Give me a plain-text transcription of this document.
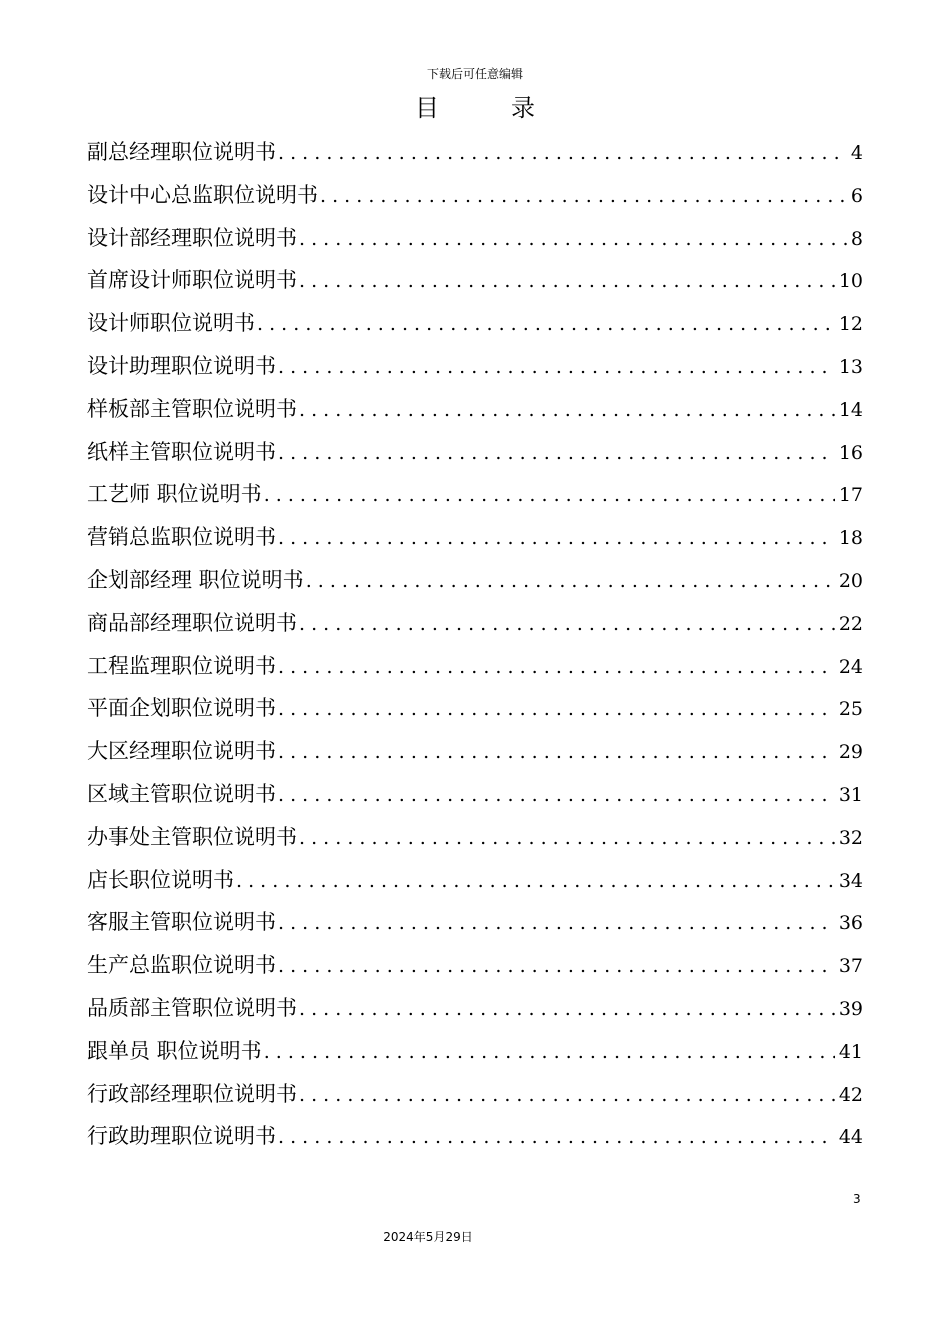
下载后可任意编辑
目录
副总经理职位说明书 . . .	4
设计中心总监职位说明书 . . .	6
设计部经理职位说明书 . . .	8
首席设计师职位说明书 . . .	10
设计师职位说明书 . . .	12
设计助理职位说明书 . . .	13
样板部主管职位说明书 . . .	14
纸样主管职位说明书 . . .	16
工艺师 职位说明书 . . .	17
营销总监职位说明书 . . .	18
企划部经理 职位说明书 . . .	20
商品部经理职位说明书 . . .	22
工程监理职位说明书 . . .	24
平面企划职位说明书 . . .	25
大区经理职位说明书 . . .	29
区域主管职位说明书 . . .	31
办事处主管职位说明书 . . .	32
店长职位说明书 . . .	34
客服主管职位说明书 . . .	36
生产总监职位说明书 . . .	37
品质部主管职位说明书 . . .	39
跟单员 职位说明书 . . .	41
行政部经理职位说明书 . . .	42
行政助理职位说明书 . . .	44
3
2024年5月29日
